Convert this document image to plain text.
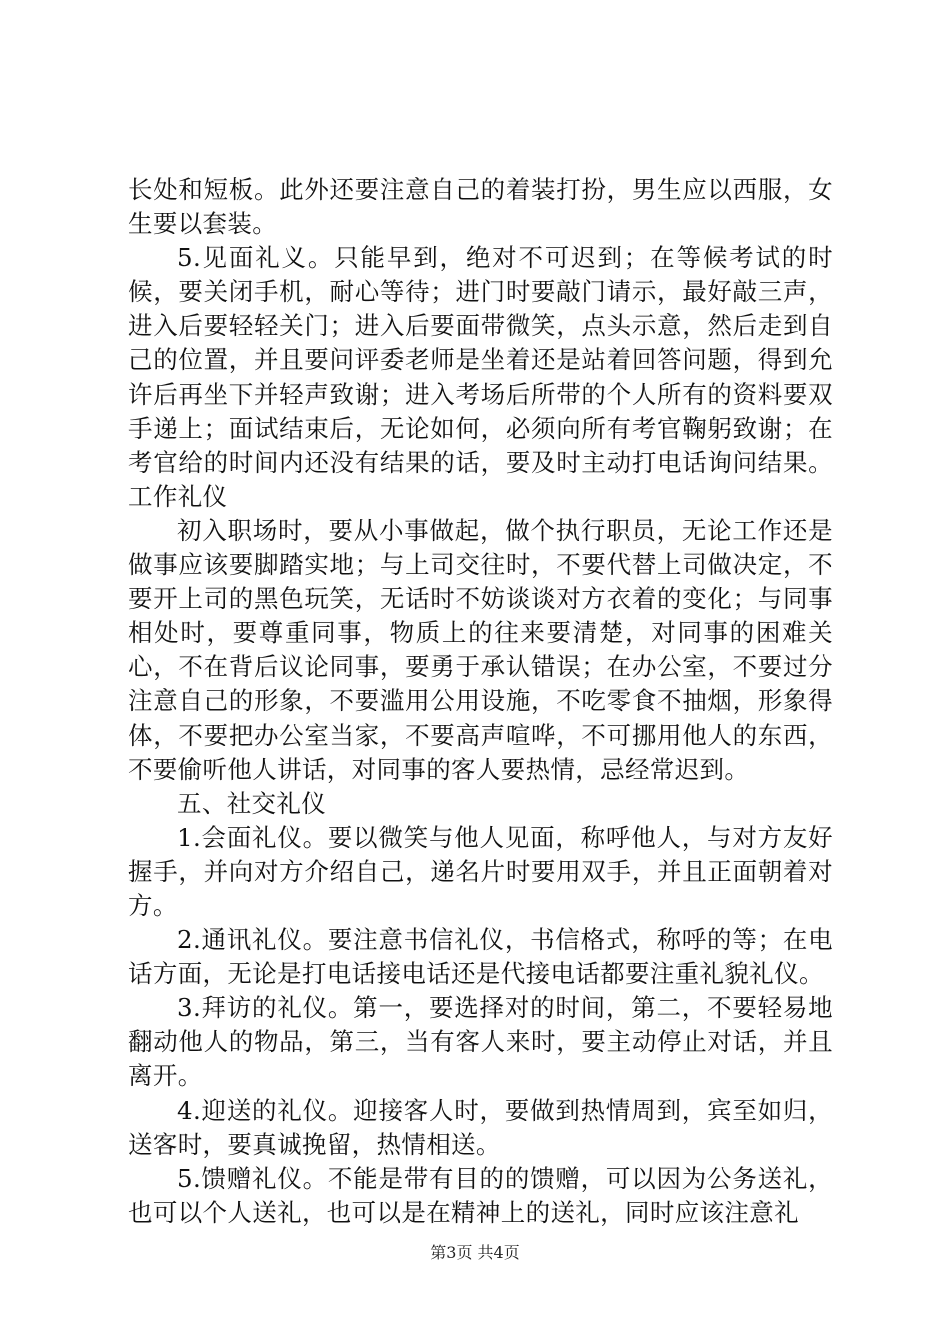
长处和短板。此外还要注意自己的着装打扮，男生应以西服，女生要以套装。

5.见面礼义。只能早到，绝对不可迟到；在等候考试的时候，要关闭手机，耐心等待；进门时要敲门请示，最好敲三声，进入后要轻轻关门；进入后要面带微笑，点头示意，然后走到自己的位置，并且要问评委老师是坐着还是站着回答问题，得到允许后再坐下并轻声致谢；进入考场后所带的个人所有的资料要双手递上；面试结束后，无论如何，必须向所有考官鞠躬致谢；在考官给的时间内还没有结果的话，要及时主动打电话询问结果。工作礼仪

初入职场时，要从小事做起，做个执行职员，无论工作还是做事应该要脚踏实地；与上司交往时，不要代替上司做决定，不要开上司的黑色玩笑，无话时不妨谈谈对方衣着的变化；与同事相处时，要尊重同事，物质上的往来要清楚，对同事的困难关心，不在背后议论同事，要勇于承认错误；在办公室，不要过分注意自己的形象，不要滥用公用设施，不吃零食不抽烟，形象得体，不要把办公室当家，不要高声喧哗，不可挪用他人的东西，不要偷听他人讲话，对同事的客人要热情，忌经常迟到。

五、社交礼仪

1.会面礼仪。要以微笑与他人见面，称呼他人，与对方友好握手，并向对方介绍自己，递名片时要用双手，并且正面朝着对方。

2.通讯礼仪。要注意书信礼仪，书信格式，称呼的等；在电话方面，无论是打电话接电话还是代接电话都要注重礼貌礼仪。

3.拜访的礼仪。第一，要选择对的时间，第二，不要轻易地翻动他人的物品，第三，当有客人来时，要主动停止对话，并且离开。

4.迎送的礼仪。迎接客人时，要做到热情周到，宾至如归，送客时，要真诚挽留，热情相送。

5.馈赠礼仪。不能是带有目的的馈赠，可以因为公务送礼，也可以个人送礼，也可以是在精神上的送礼，同时应该注意礼

第3页 共4页
